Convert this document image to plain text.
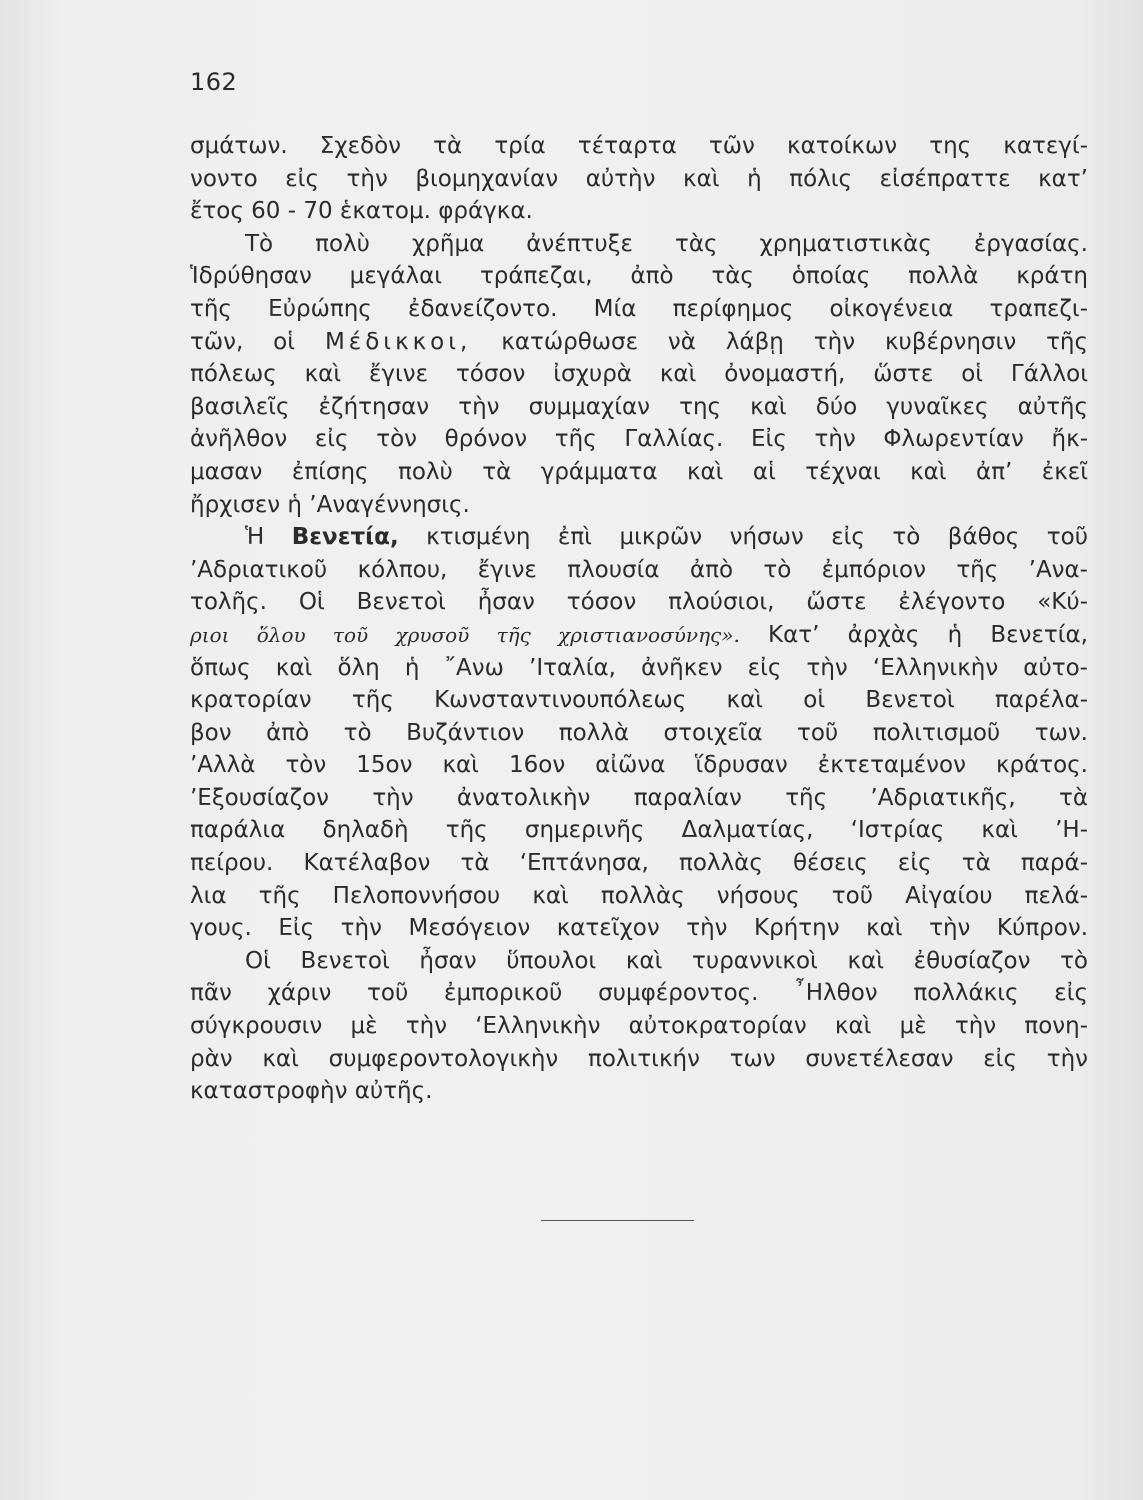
162
σμάτων. Σχεδὸν τὰ τρία τέταρτα τῶν κατοίκων της κατεγί-
νοντο εἰς τὴν βιομηχανίαν αὐτὴν καὶ ἡ πόλις εἰσέπραττε κατ’
ἔτος 60 - 70 ἑκατομ. φράγκα.
Τὸ πολὺ χρῆμα ἀνέπτυξε τὰς χρηματιστικὰς ἐργασίας.
Ἱδρύθησαν μεγάλαι τράπεζαι, ἀπὸ τὰς ὁποίας πολλὰ κράτη
τῆς Εὐρώπης ἐδανείζοντο. Μία περίφημος οἰκογένεια τραπεζι-
τῶν, οἱ Μέδικκοι, κατώρθωσε νὰ λάβῃ τὴν κυβέρνησιν τῆς
πόλεως καὶ ἔγινε τόσον ἰσχυρὰ καὶ ὀνομαστή, ὥστε οἱ Γάλλοι
βασιλεῖς ἐζήτησαν τὴν συμμαχίαν της καὶ δύο γυναῖκες αὐτῆς
ἀνῆλθον εἰς τὸν θρόνον τῆς Γαλλίας. Εἰς τὴν Φλωρεντίαν ἤκ-
μασαν ἐπίσης πολὺ τὰ γράμματα καὶ αἱ τέχναι καὶ ἀπ’ ἐκεῖ
ἤρχισεν ἡ ’Αναγέννησις.
Ἡ Βενετία, κτισμένη ἐπὶ μικρῶν νήσων εἰς τὸ βάθος τοῦ
’Αδριατικοῦ κόλπου, ἔγινε πλουσία ἀπὸ τὸ ἐμπόριον τῆς ’Ανα-
τολῆς. Οἱ Βενετοὶ ἦσαν τόσον πλούσιοι, ὥστε ἐλέγοντο «Κύ-
ριοι ὅλου τοῦ χρυσοῦ τῆς χριστιανοσύνης». Κατ’ ἀρχὰς ἡ Βενετία,
ὅπως καὶ ὅλη ἡ ῎Ανω ’Ιταλία, ἀνῆκεν εἰς τὴν ‘Ελληνικὴν αὐτο-
κρατορίαν τῆς Κωνσταντινουπόλεως καὶ οἱ Βενετοὶ παρέλα-
βον ἀπὸ τὸ Βυζάντιον πολλὰ στοιχεῖα τοῦ πολιτισμοῦ των.
’Αλλὰ τὸν 15ον καὶ 16ον αἰῶνα ἵδρυσαν ἐκτεταμένον κράτος.
’Εξουσίαζον τὴν ἀνατολικὴν παραλίαν τῆς ’Αδριατικῆς, τὰ
παράλια δηλαδὴ τῆς σημερινῆς Δαλματίας, ‘Ιστρίας καὶ ’Η-
πείρου. Κατέλαβον τὰ ‘Επτάνησα, πολλὰς θέσεις εἰς τὰ παρά-
λια τῆς Πελοποννήσου καὶ πολλὰς νήσους τοῦ Αἰγαίου πελά-
γους. Εἰς τὴν Μεσόγειον κατεῖχον τὴν Κρήτην καὶ τὴν Κύπρον.
Οἱ Βενετοὶ ἦσαν ὕπουλοι καὶ τυραννικοὶ καὶ ἐθυσίαζον τὸ
πᾶν χάριν τοῦ ἐμπορικοῦ συμφέροντος. ῏Ηλθον πολλάκις εἰς
σύγκρουσιν μὲ τὴν ‘Ελληνικὴν αὐτοκρατορίαν καὶ μὲ τὴν πονη-
ρὰν καὶ συμφεροντολογικὴν πολιτικήν των συνετέλεσαν εἰς τὴν
καταστροφὴν αὐτῆς.
